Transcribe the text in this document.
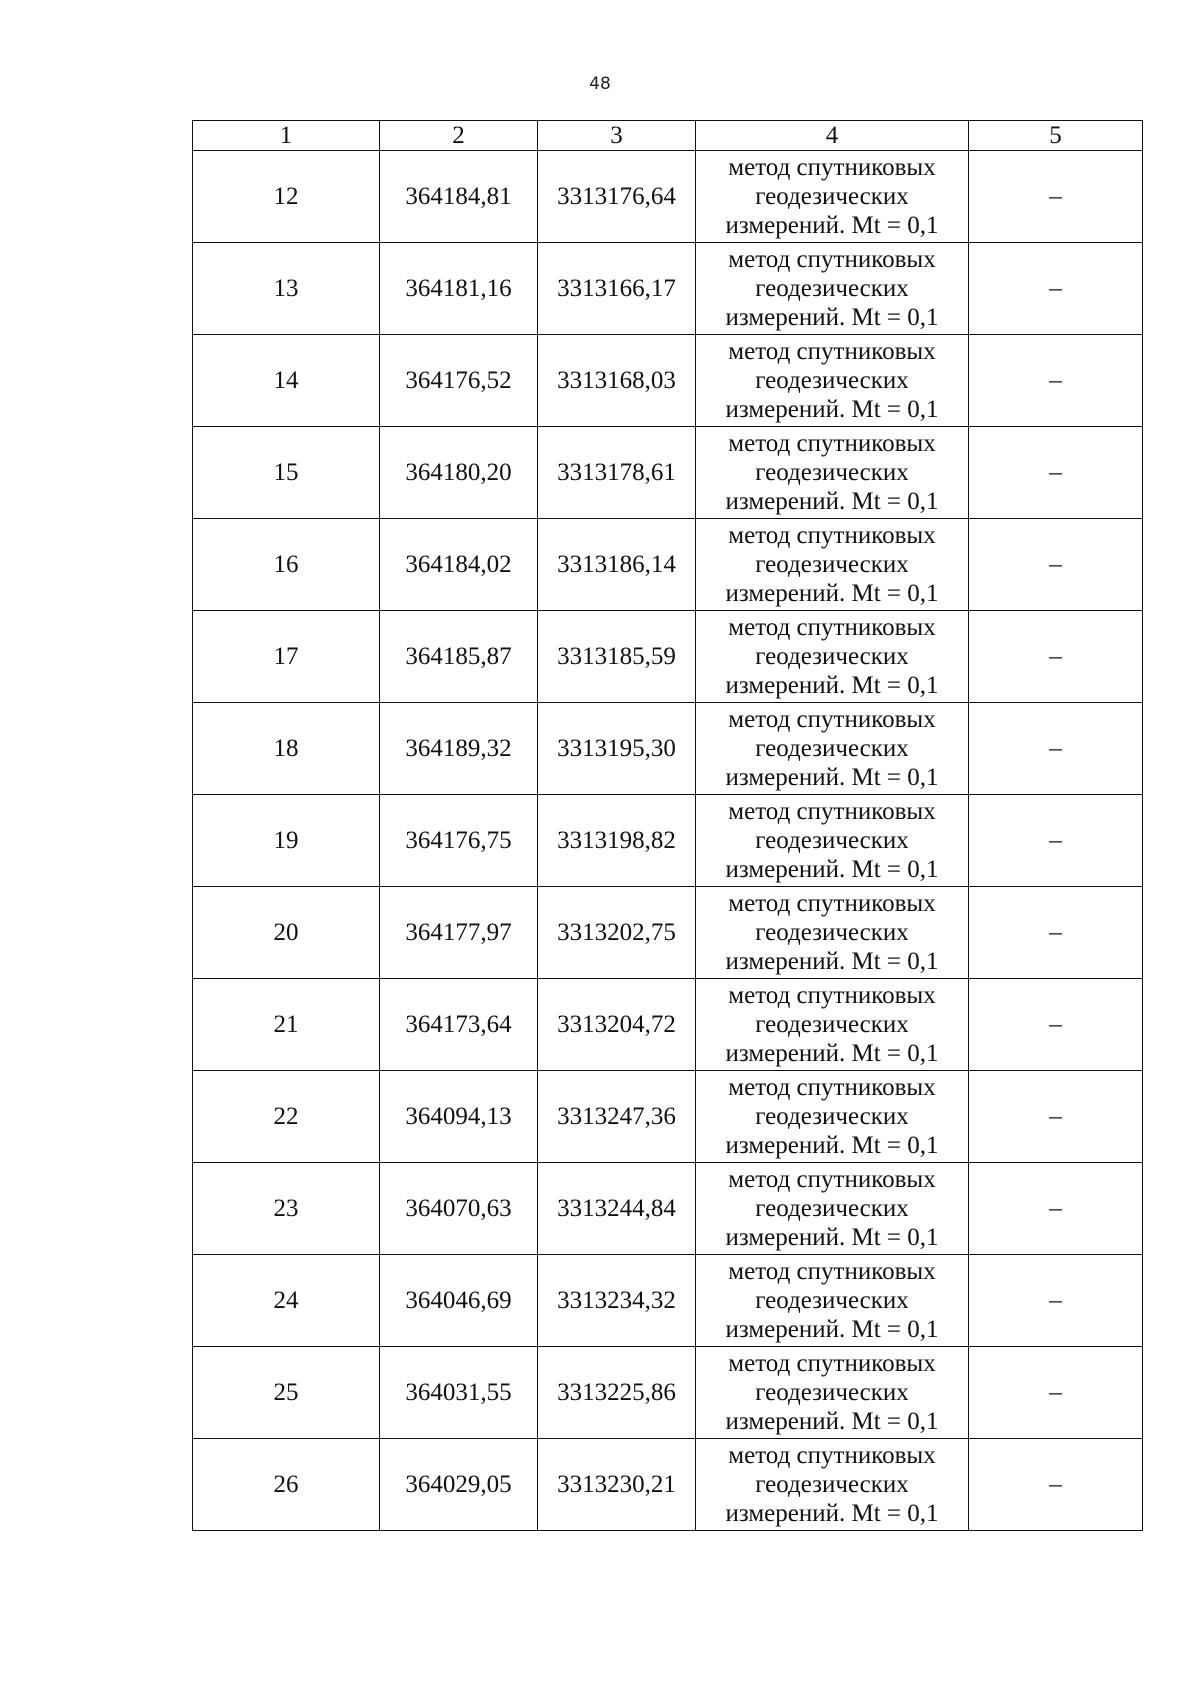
48
1	2	3	4	5
12	364184,81	3313176,64	метод спутниковых
геодезических
измерений. Mt = 0,1	–
13	364181,16	3313166,17	метод спутниковых
геодезических
измерений. Mt = 0,1	–
14	364176,52	3313168,03	метод спутниковых
геодезических
измерений. Mt = 0,1	–
15	364180,20	3313178,61	метод спутниковых
геодезических
измерений. Mt = 0,1	–
16	364184,02	3313186,14	метод спутниковых
геодезических
измерений. Mt = 0,1	–
17	364185,87	3313185,59	метод спутниковых
геодезических
измерений. Mt = 0,1	–
18	364189,32	3313195,30	метод спутниковых
геодезических
измерений. Mt = 0,1	–
19	364176,75	3313198,82	метод спутниковых
геодезических
измерений. Mt = 0,1	–
20	364177,97	3313202,75	метод спутниковых
геодезических
измерений. Mt = 0,1	–
21	364173,64	3313204,72	метод спутниковых
геодезических
измерений. Mt = 0,1	–
22	364094,13	3313247,36	метод спутниковых
геодезических
измерений. Mt = 0,1	–
23	364070,63	3313244,84	метод спутниковых
геодезических
измерений. Mt = 0,1	–
24	364046,69	3313234,32	метод спутниковых
геодезических
измерений. Mt = 0,1	–
25	364031,55	3313225,86	метод спутниковых
геодезических
измерений. Mt = 0,1	–
26	364029,05	3313230,21	метод спутниковых
геодезических
измерений. Mt = 0,1	–
